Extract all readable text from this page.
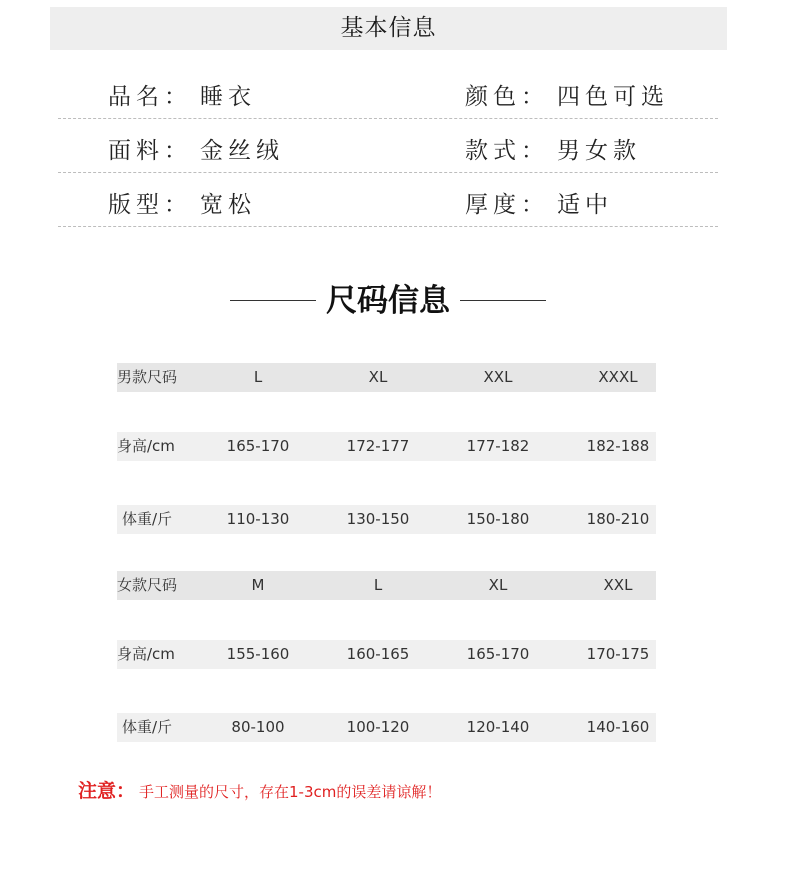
基本信息
品名： 睡衣	颜色： 四色可选
面料： 金丝绒	款式： 男女款
版型： 宽松	厚度： 适中
尺码信息
男款尺码	L	XL	XXL	XXXL
身高/cm	165-170	172-177	177-182	182-188
体重/斤	110-130	130-150	150-180	180-210
女款尺码	M	L	XL	XXL
身高/cm	155-160	160-165	165-170	170-175
体重/斤	80-100	100-120	120-140	140-160
注意： 手工测量的尺寸，存在1-3cm的误差请谅解！
